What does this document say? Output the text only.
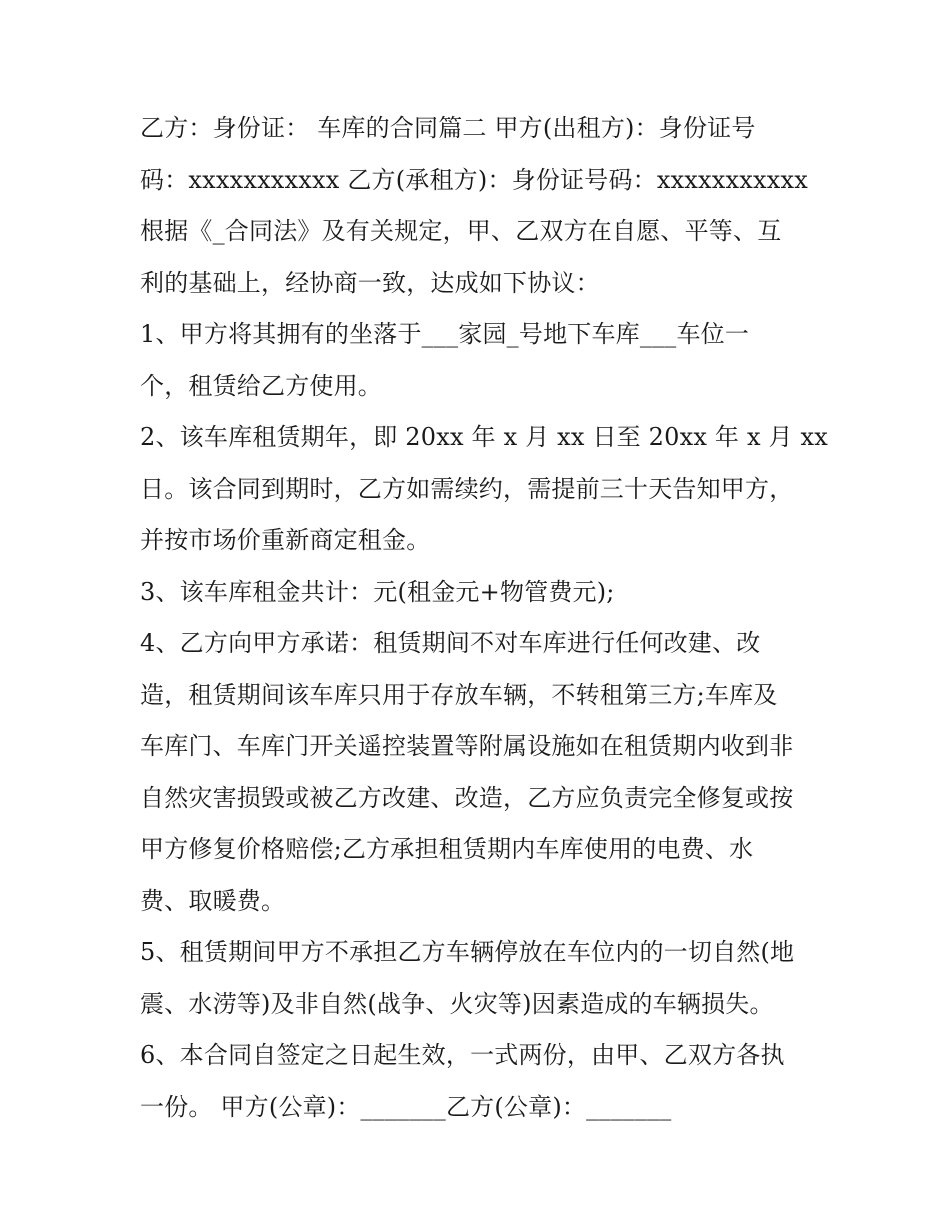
乙方：身份证： 车库的合同篇二 甲方(出租方)：身份证号
码：xxxxxxxxxxx 乙方(承租方)：身份证号码：xxxxxxxxxxx
根据《_合同法》及有关规定，甲、乙双方在自愿、平等、互
利的基础上，经协商一致，达成如下协议：
1、甲方将其拥有的坐落于___家园_号地下车库___车位一
个，租赁给乙方使用。
2、该车库租赁期年，即 20xx 年 x 月 xx 日至 20xx 年 x 月 xx
日。该合同到期时，乙方如需续约，需提前三十天告知甲方，
并按市场价重新商定租金。
3、该车库租金共计：元(租金元+物管费元);
4、乙方向甲方承诺：租赁期间不对车库进行任何改建、改
造，租赁期间该车库只用于存放车辆，不转租第三方;车库及
车库门、车库门开关遥控装置等附属设施如在租赁期内收到非
自然灾害损毁或被乙方改建、改造，乙方应负责完全修复或按
甲方修复价格赔偿;乙方承担租赁期内车库使用的电费、水
费、取暖费。
5、租赁期间甲方不承担乙方车辆停放在车位内的一切自然(地
震、水涝等)及非自然(战争、火灾等)因素造成的车辆损失。
6、本合同自签定之日起生效，一式两份，由甲、乙双方各执
一份。 甲方(公章)：_______乙方(公章)：_______
